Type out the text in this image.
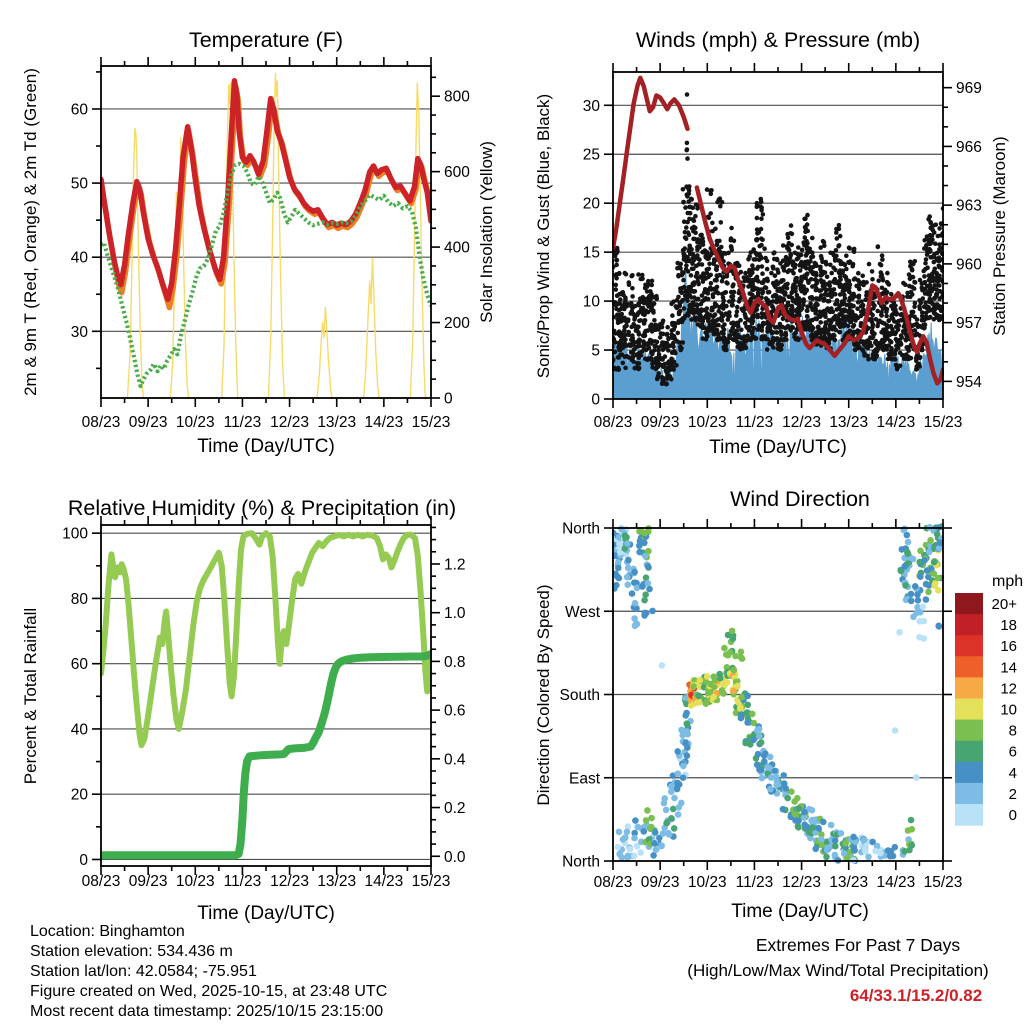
30
40
50
60
0
200
400
600
800
08/23 09/23 10/23 11/23 12/23 13/23 14/23 15/23
Temperature (F)
Time (Day/UTC)
2m & 9m T (Red, Orange) & 2m Td (Green)	Solar Insolation (Yellow)
0
5
10
15
20
25
30
954
957
960
963
966
969
08/23 09/23 10/23 11/23 12/23 13/23 14/23 15/23
Winds (mph) & Pressure (mb)
Time (Day/UTC)
Sonic/Prop Wind & Gust (Blue, Black)	Station Pressure (Maroon)
0
20
40
60
80
100
0.0
0.2
0.4
0.6
0.8
1.0
1.2
08/23 09/23 10/23 11/23 12/23 13/23 14/23 15/23
Relative Humidity (%) & Precipitation (in)
Time (Day/UTC)
Percent & Total Rainfall
North
East
South
West
North
08/23 09/23 10/23 11/23 12/23 13/23 14/23 15/23
Wind Direction
Time (Day/UTC)
Direction (Colored By Speed)
mph
20+
18
16
14
12
10
8
6
4
2
0
Location: Binghamton
Station elevation: 534.436 m
Station lat/lon: 42.0584; -75.951
Figure created on Wed, 2025-10-15, at 23:48 UTC
Most recent data timestamp: 2025/10/15 23:15:00
Extremes For Past 7 Days
(High/Low/Max Wind/Total Precipitation)
64/33.1/15.2/0.82
